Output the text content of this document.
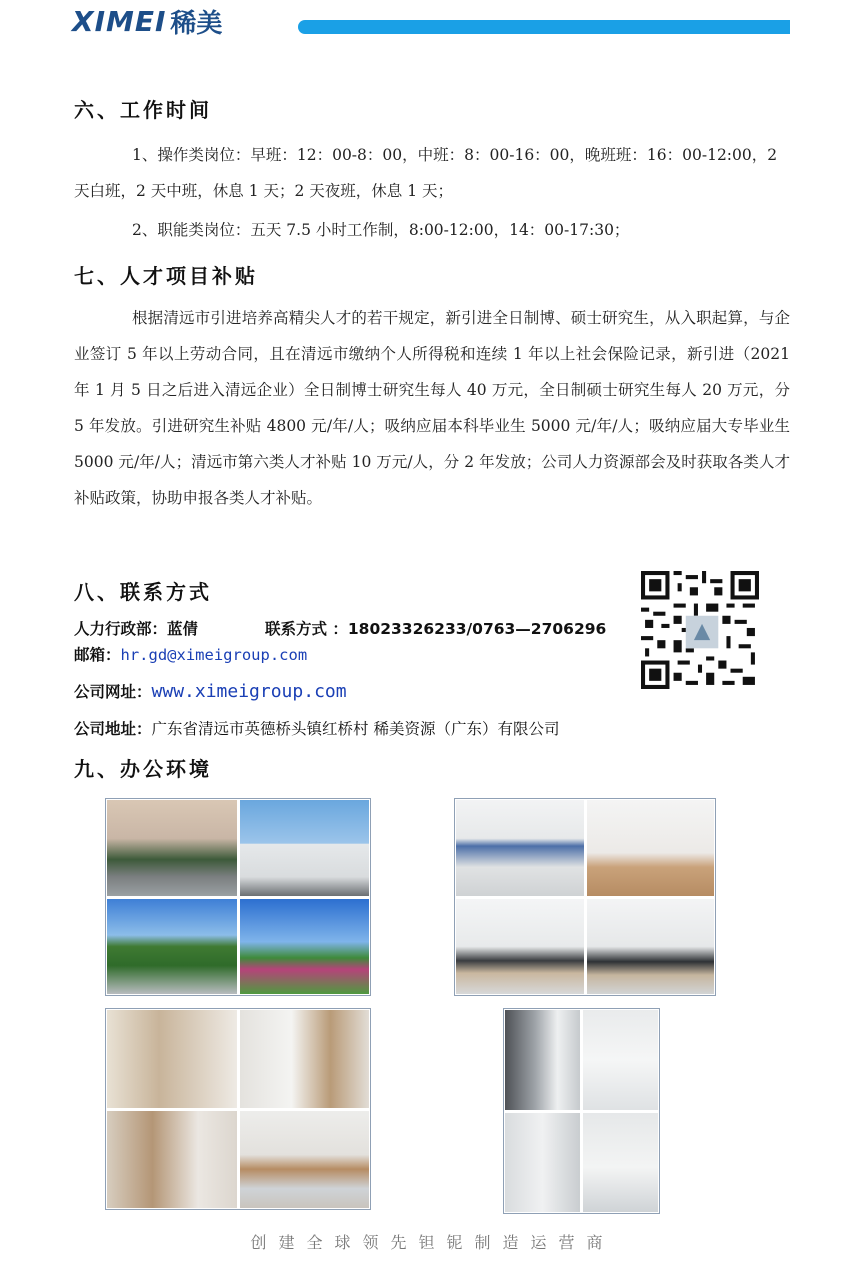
XIMEI 稀美
六、工作时间
1、操作类岗位：早班：12：00-8：00，中班：8：00-16：00，晚班班：16：00-12:00，2 天白班，2 天中班，休息 1 天；2 天夜班，休息 1 天；
2、职能类岗位：五天 7.5 小时工作制，8:00-12:00，14：00-17:30；
七、人才项目补贴
根据清远市引进培养高精尖人才的若干规定，新引进全日制博、硕士研究生，从入职起算，与企业签订 5 年以上劳动合同，且在清远市缴纳个人所得税和连续 1 年以上社会保险记录，新引进（2021 年 1 月 5 日之后进入清远企业）全日制博士研究生每人 40 万元，全日制硕士研究生每人 20 万元，分 5 年发放。引进研究生补贴 4800 元/年/人；吸纳应届本科毕业生 5000 元/年/人；吸纳应届大专毕业生 5000 元/年/人；清远市第六类人才补贴 10 万元/人，分 2 年发放；公司人力资源部会及时获取各类人才补贴政策，协助申报各类人才补贴。
八、联系方式
人力行政部：蓝倩	联系方式 ：18023326233/0763—2706296
邮箱：hr.gd@ximeigroup.com
公司网址：www.ximeigroup.com
公司地址：广东省清远市英德桥头镇红桥村 稀美资源（广东）有限公司
九、办公环境
创建全球领先钽铌制造运营商
